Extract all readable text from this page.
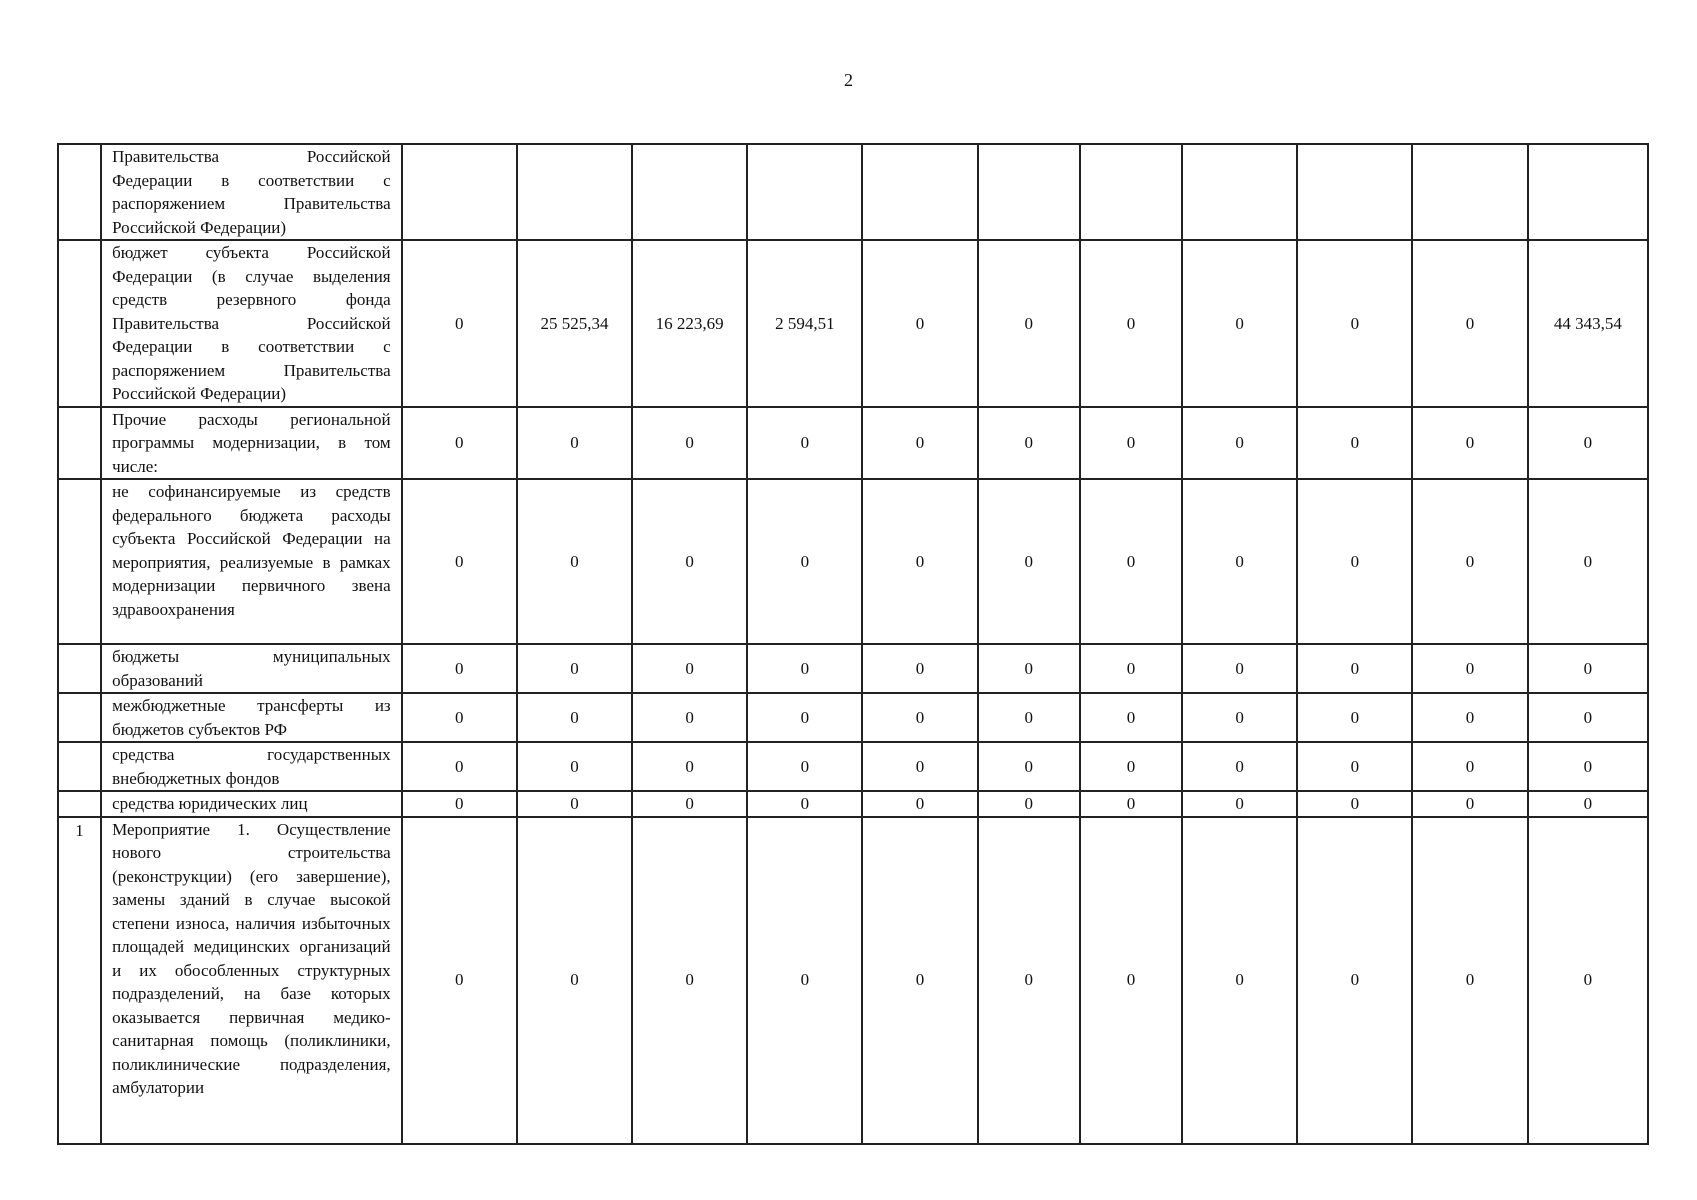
2
	Правительства Российской Федерации в соответствии с распоряжением Правительства Российской Федерации)											
	бюджет субъекта Российской Федерации (в случае выделения средств резервного фонда Правительства Российской Федерации в соответствии с распоряжением Правительства Российской Федерации)	0	25 525,34	16 223,69	2 594,51	0	0	0	0	0	0	44 343,54
	Прочие расходы региональной программы модернизации, в том числе:	0	0	0	0	0	0	0	0	0	0	0
	не софинансируемые из средств федерального бюджета расходы субъекта Российской Федерации на мероприятия, реализуемые в рамках модернизации первичного звена здравоохранения	0	0	0	0	0	0	0	0	0	0	0
	бюджеты муниципальных образований	0	0	0	0	0	0	0	0	0	0	0
	межбюджетные трансферты из бюджетов субъектов РФ	0	0	0	0	0	0	0	0	0	0	0
	средства государственных внебюджетных фондов	0	0	0	0	0	0	0	0	0	0	0
	средства юридических лиц	0	0	0	0	0	0	0	0	0	0	0
1	Мероприятие 1. Осуществление нового строительства (реконструкции) (его завершение), замены зданий в случае высокой степени износа, наличия избыточных площадей медицинских организаций и их обособленных структурных подразделений, на базе которых оказывается первичная медико-санитарная помощь (поликлиники, поликлинические подразделения, амбулатории	0	0	0	0	0	0	0	0	0	0	0
